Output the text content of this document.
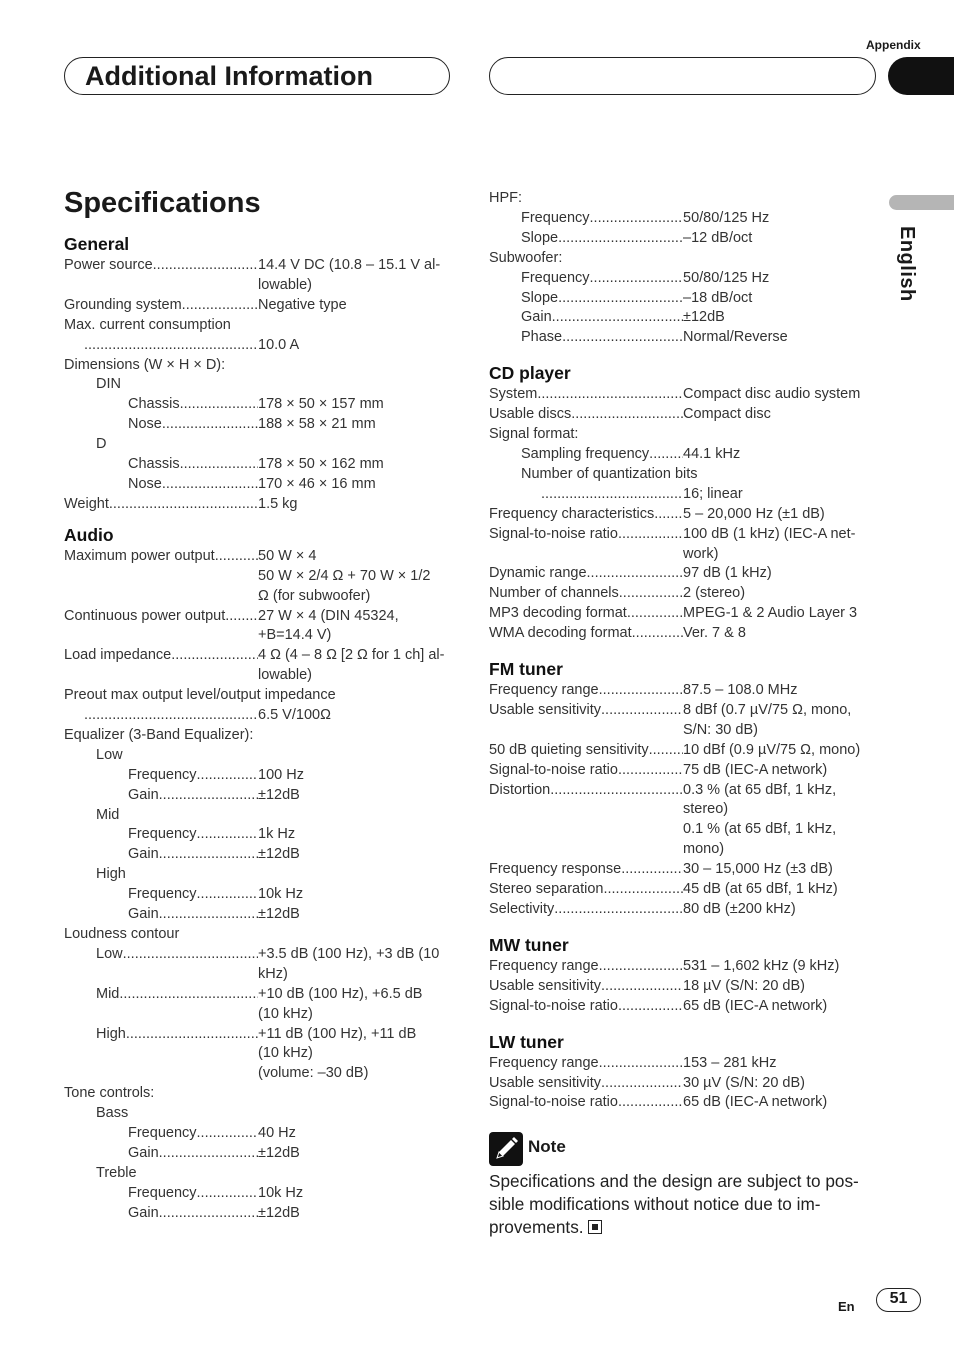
Appendix
Additional Information
English
Specifications
General
Power source .....	14.4 V DC (10.8 – 15.1 V al-
lowable)
Grounding system .....	Negative type
Max. current consumption
.....
10.0 A
Dimensions (W × H × D):
DIN
Chassis .....	178 × 50 × 157 mm
Nose .....	188 × 58 × 21 mm
D
Chassis .....	178 × 50 × 162 mm
Nose .....	170 × 46 × 16 mm
Weight .....	1.5 kg
Audio
Maximum power output .....	50 W × 4
50 W × 2/4 Ω + 70 W × 1/2
Ω (for subwoofer)
Continuous power output ..... 27 W × 4 (DIN 45324,
+B=14.4 V)
Load impedance .....	4 Ω (4 – 8 Ω [2 Ω for 1 ch] al-
lowable)
Preout max output level/output impedance
.....
6.5 V/100Ω
Equalizer (3-Band Equalizer):
Low
Frequency .....	100 Hz
Gain .....	±12dB
Mid
Frequency .....	1k Hz
Gain .....	±12dB
High
Frequency .....	10k Hz
Gain .....	±12dB
Loudness contour
Low .....	+3.5 dB (100 Hz), +3 dB (10
kHz)
Mid .....	+10 dB (100 Hz), +6.5 dB
(10 kHz)
High .....	+11 dB (100 Hz), +11 dB
(10 kHz)
(volume: –30 dB)
Tone controls:
Bass
Frequency .....	40 Hz
Gain .....	±12dB
Treble
Frequency .....	10k Hz
Gain .....	±12dB
HPF:
Frequency .....	50/80/125 Hz
Slope .....	–12 dB/oct
Subwoofer:
Frequency .....	50/80/125 Hz
Slope .....	–18 dB/oct
Gain .....	±12dB
Phase .....	Normal/Reverse
CD player
System .....	Compact disc audio system
Usable discs .....	Compact disc
Signal format:
Sampling frequency ..... 44.1 kHz
Number of quantization bits
.....
16; linear
Frequency characteristics ..... 5 – 20,000 Hz (±1 dB)
Signal-to-noise ratio .....	100 dB (1 kHz) (IEC-A net-
work)
Dynamic range .....	97 dB (1 kHz)
Number of channels .....	2 (stereo)
MP3 decoding format .....	MPEG-1 & 2 Audio Layer 3
WMA decoding format .....	Ver. 7 & 8
FM tuner
Frequency range .....	87.5 – 108.0 MHz
Usable sensitivity .....	8 dBf (0.7 µV/75 Ω, mono,
S/N: 30 dB)
50 dB quieting sensitivity ..... 10 dBf (0.9 µV/75 Ω, mono)
Signal-to-noise ratio .....	75 dB (IEC-A network)
Distortion .....	0.3 % (at 65 dBf, 1 kHz,
stereo)
0.1 % (at 65 dBf, 1 kHz,
mono)
Frequency response .....	30 – 15,000 Hz (±3 dB)
Stereo separation .....	45 dB (at 65 dBf, 1 kHz)
Selectivity .....	80 dB (±200 kHz)
MW tuner
Frequency range .....	531 – 1,602 kHz (9 kHz)
Usable sensitivity .....	18 µV (S/N: 20 dB)
Signal-to-noise ratio .....	65 dB (IEC-A network)
LW tuner
Frequency range .....	153 – 281 kHz
Usable sensitivity .....	30 µV (S/N: 20 dB)
Signal-to-noise ratio .....	65 dB (IEC-A network)
Note
Specifications and the design are subject to pos-sible modifications without notice due to im-provements.
En	51
